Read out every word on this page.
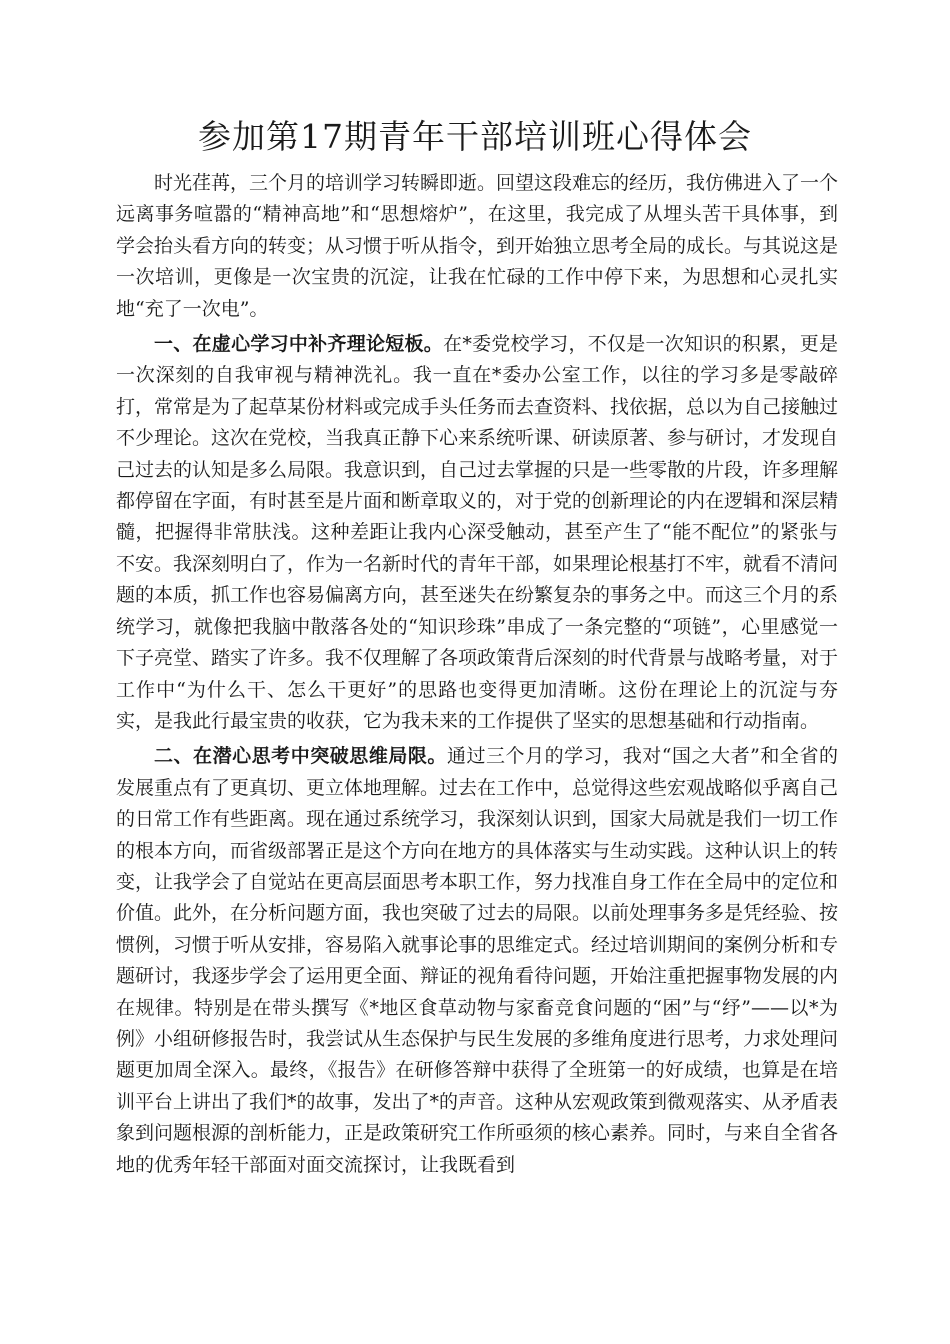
参加第17期青年干部培训班心得体会

时光荏苒，三个月的培训学习转瞬即逝。回望这段难忘的经历，我仿佛进入了一个远离事务喧嚣的“精神高地”和“思想熔炉”，在这里，我完成了从埋头苦干具体事，到学会抬头看方向的转变；从习惯于听从指令，到开始独立思考全局的成长。与其说这是一次培训，更像是一次宝贵的沉淀，让我在忙碌的工作中停下来，为思想和心灵扎实地“充了一次电”。

一、在虚心学习中补齐理论短板。在*委党校学习，不仅是一次知识的积累，更是一次深刻的自我审视与精神洗礼。我一直在*委办公室工作，以往的学习多是零敲碎打，常常是为了起草某份材料或完成手头任务而去查资料、找依据，总以为自己接触过不少理论。这次在党校，当我真正静下心来系统听课、研读原著、参与研讨，才发现自己过去的认知是多么局限。我意识到，自己过去掌握的只是一些零散的片段，许多理解都停留在字面，有时甚至是片面和断章取义的，对于党的创新理论的内在逻辑和深层精髓，把握得非常肤浅。这种差距让我内心深受触动，甚至产生了“能不配位”的紧张与不安。我深刻明白了，作为一名新时代的青年干部，如果理论根基打不牢，就看不清问题的本质，抓工作也容易偏离方向，甚至迷失在纷繁复杂的事务之中。而这三个月的系统学习，就像把我脑中散落各处的“知识珍珠”串成了一条完整的“项链”，心里感觉一下子亮堂、踏实了许多。我不仅理解了各项政策背后深刻的时代背景与战略考量，对于工作中“为什么干、怎么干更好”的思路也变得更加清晰。这份在理论上的沉淀与夯实，是我此行最宝贵的收获，它为我未来的工作提供了坚实的思想基础和行动指南。

二、在潜心思考中突破思维局限。通过三个月的学习，我对“国之大者”和全省的发展重点有了更真切、更立体地理解。过去在工作中，总觉得这些宏观战略似乎离自己的日常工作有些距离。现在通过系统学习，我深刻认识到，国家大局就是我们一切工作的根本方向，而省级部署正是这个方向在地方的具体落实与生动实践。这种认识上的转变，让我学会了自觉站在更高层面思考本职工作，努力找准自身工作在全局中的定位和价值。此外，在分析问题方面，我也突破了过去的局限。以前处理事务多是凭经验、按惯例，习惯于听从安排，容易陷入就事论事的思维定式。经过培训期间的案例分析和专题研讨，我逐步学会了运用更全面、辩证的视角看待问题，开始注重把握事物发展的内在规律。特别是在带头撰写《*地区食草动物与家畜竞食问题的“困”与“纾”——以*为例》小组研修报告时，我尝试从生态保护与民生发展的多维角度进行思考，力求处理问题更加周全深入。最终，《报告》在研修答辩中获得了全班第一的好成绩，也算是在培训平台上讲出了我们*的故事，发出了*的声音。这种从宏观政策到微观落实、从矛盾表象到问题根源的剖析能力，正是政策研究工作所亟须的核心素养。同时，与来自全省各地的优秀年轻干部面对面交流探讨，让我既看到
